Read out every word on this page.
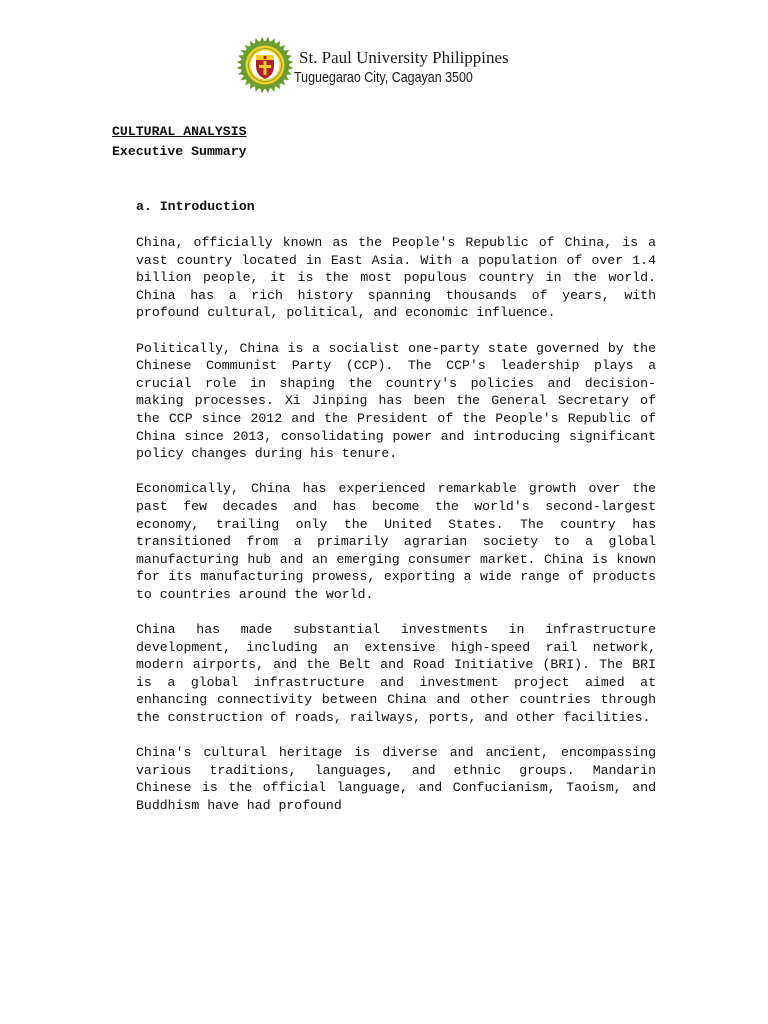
St. Paul University Philippines
Tuguegarao City, Cagayan 3500
CULTURAL ANALYSIS
Executive Summary
a. Introduction

China, officially known as the People's Republic of China, is a vast country located in East Asia. With a population of over 1.4 billion people, it is the most populous country in the world. China has a rich history spanning thousands of years, with profound cultural, political, and economic influence.

Politically, China is a socialist one-party state governed by the Chinese Communist Party (CCP). The CCP's leadership plays a crucial role in shaping the country's policies and decision-making processes. Xi Jinping has been the General Secretary of the CCP since 2012 and the President of the People's Republic of China since 2013, consolidating power and introducing significant policy changes during his tenure.

Economically, China has experienced remarkable growth over the past few decades and has become the world's second-largest economy, trailing only the United States. The country has transitioned from a primarily agrarian society to a global manufacturing hub and an emerging consumer market. China is known for its manufacturing prowess, exporting a wide range of products to countries around the world.

China has made substantial investments in infrastructure development, including an extensive high-speed rail network, modern airports, and the Belt and Road Initiative (BRI). The BRI is a global infrastructure and investment project aimed at enhancing connectivity between China and other countries through the construction of roads, railways, ports, and other facilities.

China's cultural heritage is diverse and ancient, encompassing various traditions, languages, and ethnic groups. Mandarin Chinese is the official language, and Confucianism, Taoism, and Buddhism have had profound
